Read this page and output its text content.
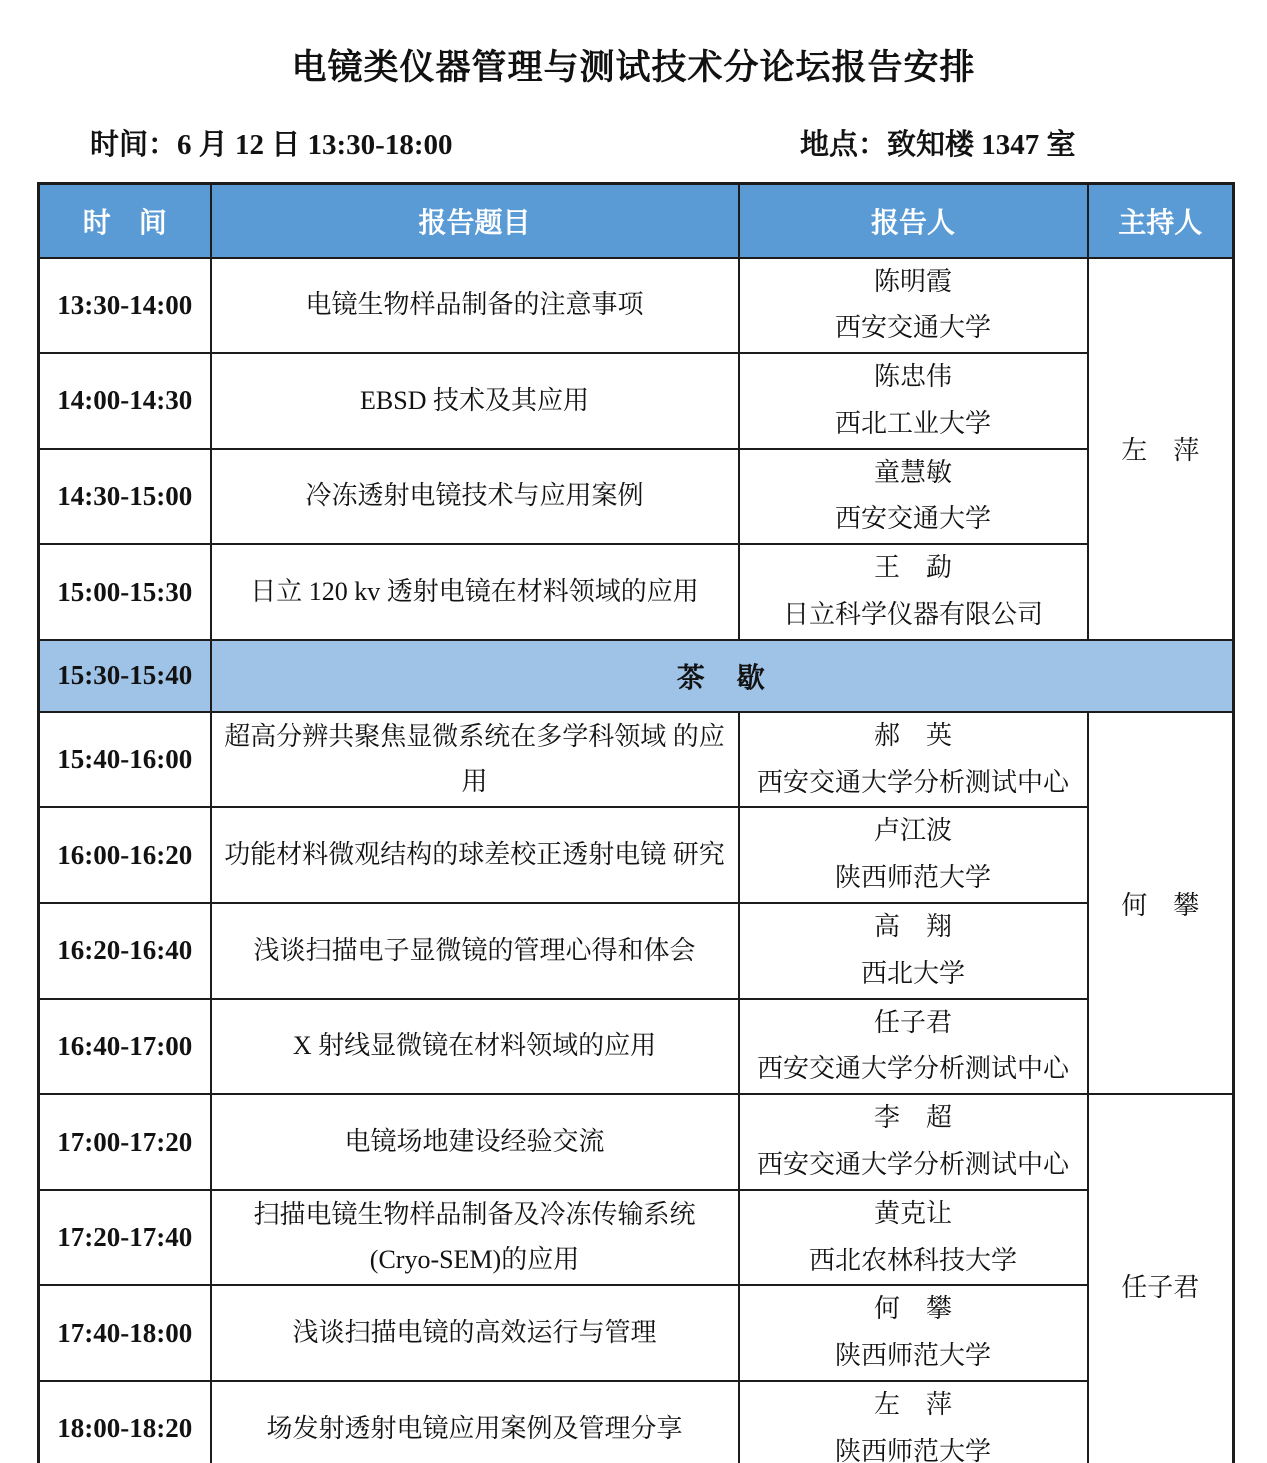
电镜类仪器管理与测试技术分论坛报告安排
时间：6 月 12 日 13:30-18:00	地点：致知楼 1347 室
时　间	报告题目	报告人	主持人
13:30-14:00	电镜生物样品制备的注意事项	陈明霞
西安交通大学	左　萍
14:00-14:30	EBSD 技术及其应用	陈忠伟
西北工业大学	

14:30-15:00	冷冻透射电镜技术与应用案例	童慧敏
西安交通大学	

15:00-15:30	日立 120 kv 透射电镜在材料领域的应用	王　勐
日立科学仪器有限公司	

15:30-15:40	茶　歇		
15:40-16:00	超高分辨共聚焦显微系统在多学科领域 的应用	郝　英
西安交通大学分析测试中心	何　攀
16:00-16:20	功能材料微观结构的球差校正透射电镜 研究	卢江波
陕西师范大学	

16:20-16:40	浅谈扫描电子显微镜的管理心得和体会	高　翔
西北大学	

16:40-17:00	X 射线显微镜在材料领域的应用	任子君
西安交通大学分析测试中心	

17:00-17:20	电镜场地建设经验交流	李　超
西安交通大学分析测试中心	任子君
17:20-17:40	扫描电镜生物样品制备及冷冻传输系统 (Cryo-SEM)的应用	黄克让
西北农林科技大学	

17:40-18:00	浅谈扫描电镜的高效运行与管理	何　攀
陕西师范大学	

18:00-18:20	场发射透射电镜应用案例及管理分享	左　萍
陕西师范大学	
